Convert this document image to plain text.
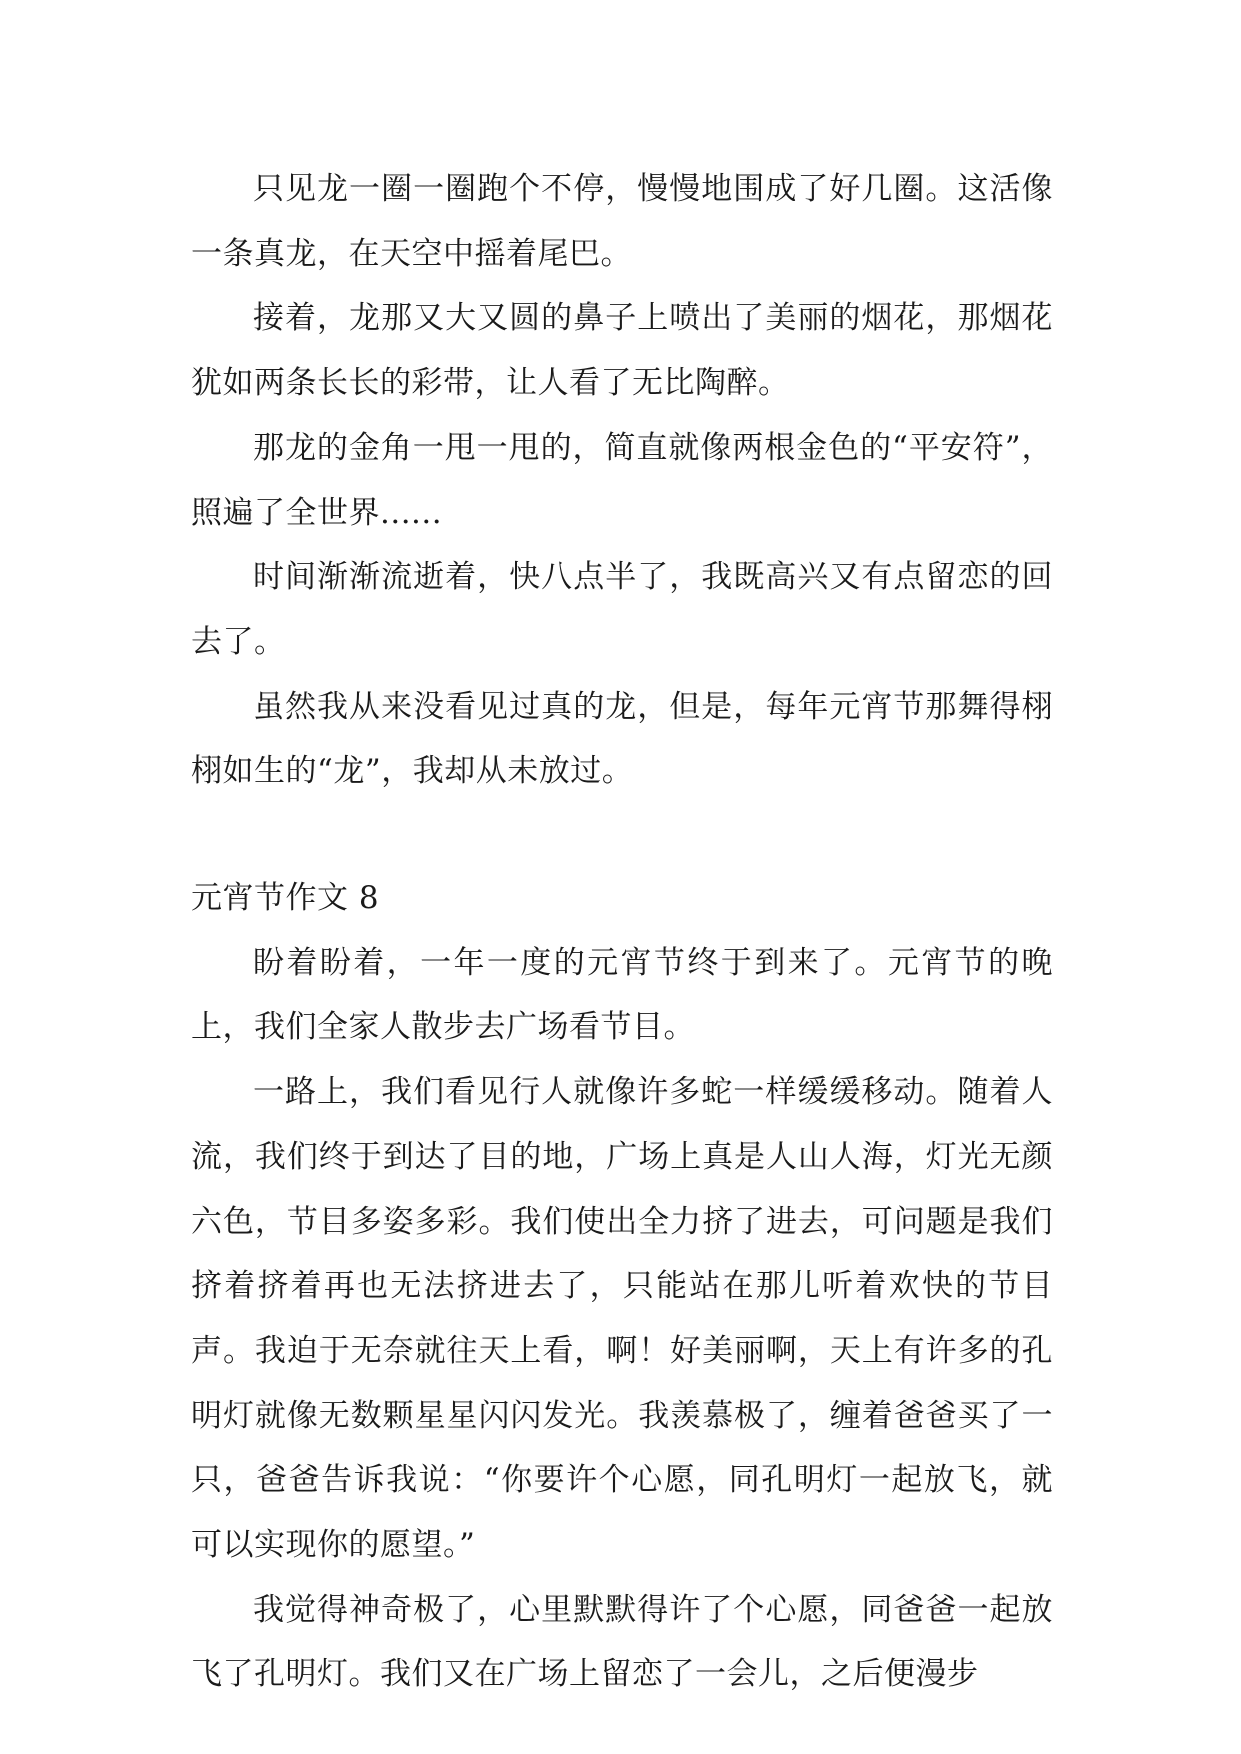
只见龙一圈一圈跑个不停，慢慢地围成了好几圈。这活像一条真龙，在天空中摇着尾巴。

接着，龙那又大又圆的鼻子上喷出了美丽的烟花，那烟花犹如两条长长的彩带，让人看了无比陶醉。

那龙的金角一甩一甩的，简直就像两根金色的“平安符”，照遍了全世界......

时间渐渐流逝着，快八点半了，我既高兴又有点留恋的回去了。

虽然我从来没看见过真的龙，但是，每年元宵节那舞得栩栩如生的“龙”，我却从未放过。

元宵节作文 8

盼着盼着，一年一度的元宵节终于到来了。元宵节的晚上，我们全家人散步去广场看节目。

一路上，我们看见行人就像许多蛇一样缓缓移动。随着人流，我们终于到达了目的地，广场上真是人山人海，灯光无颜六色，节目多姿多彩。我们使出全力挤了进去，可问题是我们挤着挤着再也无法挤进去了，只能站在那儿听着欢快的节目声。我迫于无奈就往天上看，啊！好美丽啊，天上有许多的孔明灯就像无数颗星星闪闪发光。我羡慕极了，缠着爸爸买了一只，爸爸告诉我说：“你要许个心愿，同孔明灯一起放飞，就可以实现你的愿望。”

我觉得神奇极了，心里默默得许了个心愿，同爸爸一起放飞了孔明灯。我们又在广场上留恋了一会儿，之后便漫步
